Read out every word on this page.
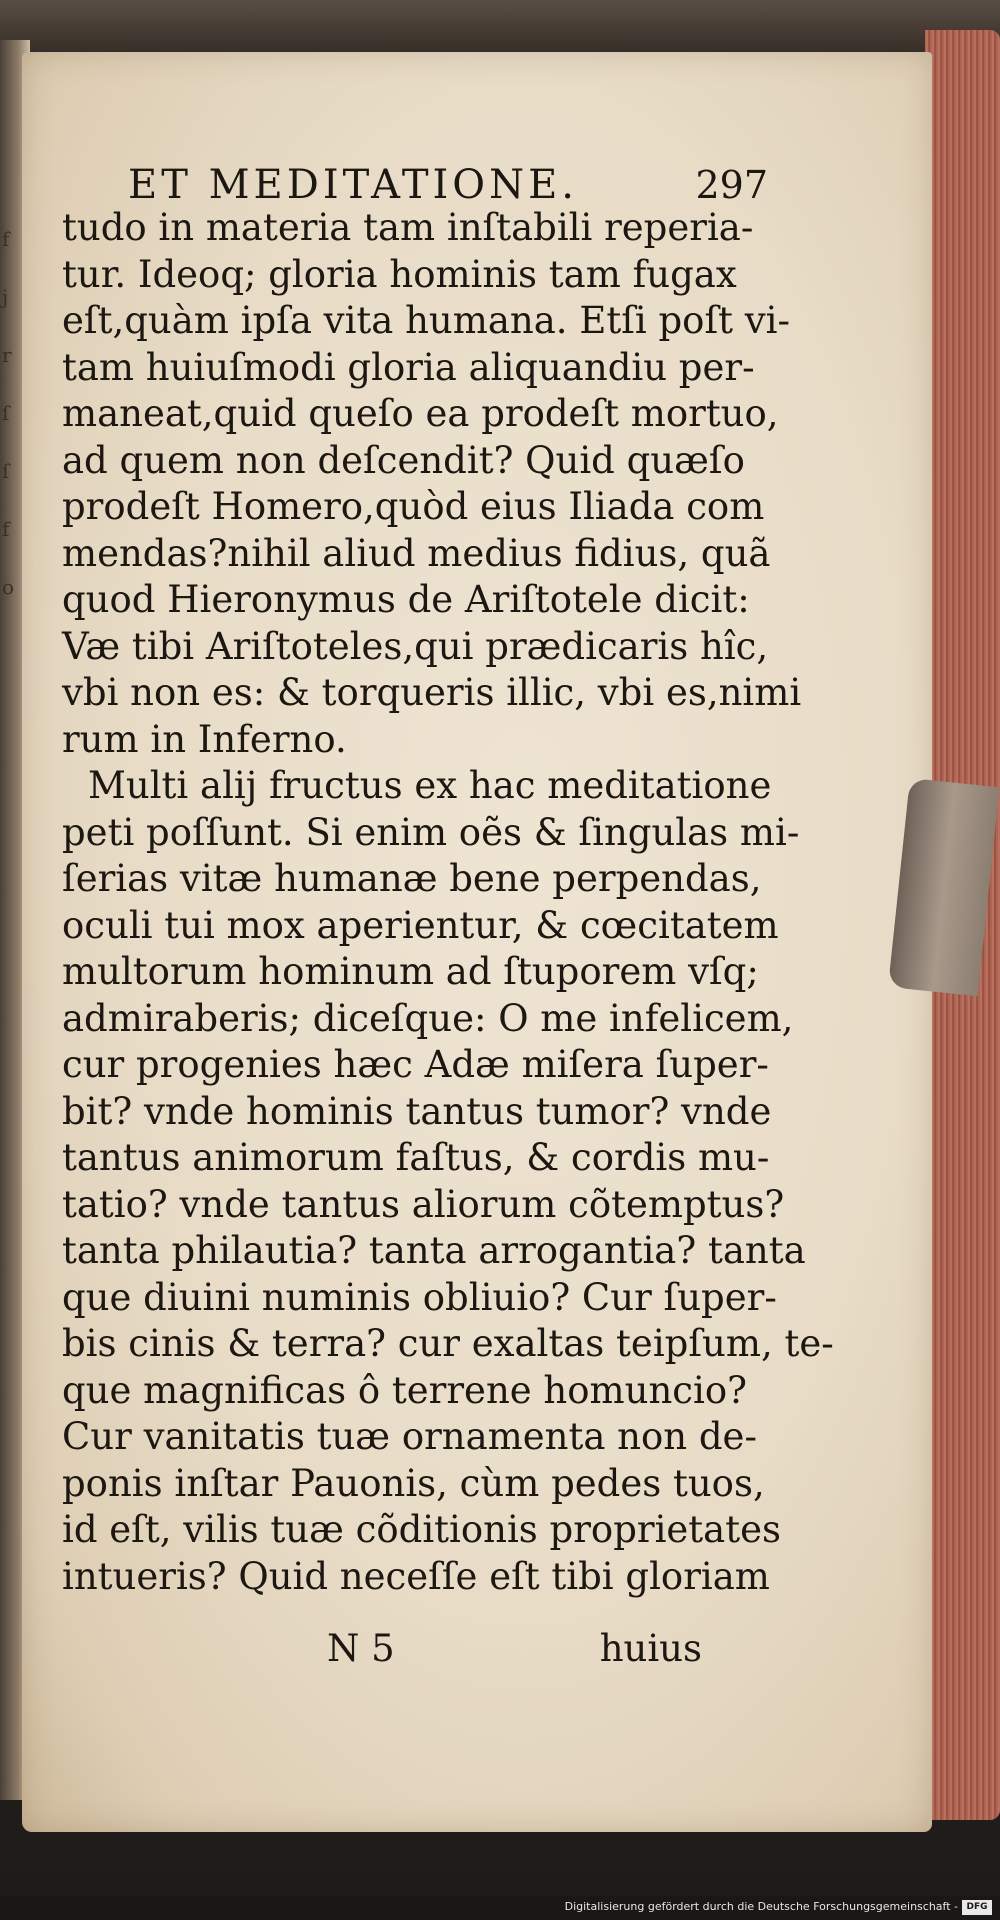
f
j
r
ſ
ſ
f
o
ET MEDITATIONE.	297
tudo in materia tam inſtabili reperia-
tur. Ideoq; gloria hominis tam fugax
eſt,quàm ipſa vita humana. Etſi poſt vi-
tam huiuſmodi gloria aliquandiu per-
maneat,quid queſo ea prodeſt mortuo,
ad quem non deſcendit? Quid quæſo
prodeſt Homero,quòd eius Iliada com
mendas?nihil aliud medius fidius, quã
quod Hieronymus de Ariſtotele dicit:
Væ tibi Ariſtoteles,qui prædicaris hîc,
vbi non es: & torqueris illic, vbi es,nimi
rum in Inferno.
Multi alij fructus ex hac meditatione
peti poſſunt. Si enim oẽs & ſingulas mi-
ſerias vitæ humanæ bene perpendas,
oculi tui mox aperientur, & cœcitatem
multorum hominum ad ſtuporem vſq;
admiraberis; diceſque: O me infelicem,
cur progenies hæc Adæ miſera ſuper-
bit? vnde hominis tantus tumor? vnde
tantus animorum faſtus, & cordis mu-
tatio? vnde tantus aliorum cõtemptus?
tanta philautia? tanta arrogantia? tanta
que diuini numinis obliuio? Cur ſuper-
bis cinis & terra? cur exaltas teipſum, te-
que magnificas ô terrene homuncio?
Cur vanitatis tuæ ornamenta non de-
ponis inſtar Pauonis, cùm pedes tuos,
id eſt, vilis tuæ cõditionis proprietates
intueris? Quid neceſſe eſt tibi gloriam
N 5	huius
Digitalisierung gefördert durch die Deutsche Forschungsgemeinschaft - DFG
